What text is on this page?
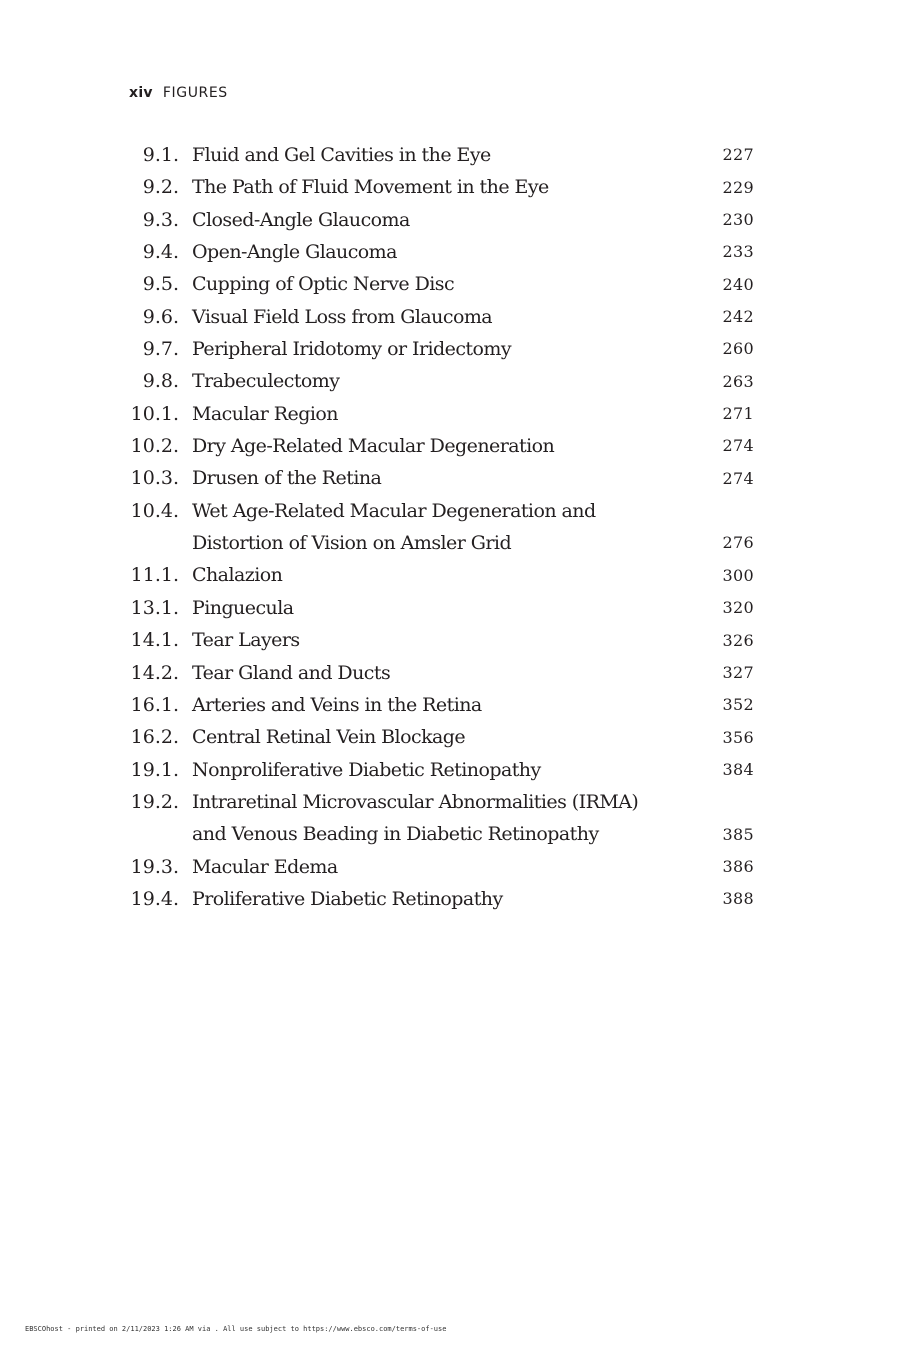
xiv FIGURES
9.1. Fluid and Gel Cavities in the Eye	227
9.2. The Path of Fluid Movement in the Eye	229
9.3. Closed-Angle Glaucoma	230
9.4. Open-Angle Glaucoma	233
9.5. Cupping of Optic Nerve Disc	240
9.6. Visual Field Loss from Glaucoma	242
9.7. Peripheral Iridotomy or Iridectomy	260
9.8. Trabeculectomy	263
10.1. Macular Region	271
10.2. Dry Age-Related Macular Degeneration	274
10.3. Drusen of the Retina	274
10.4. Wet Age-Related Macular Degeneration and
Distortion of Vision on Amsler Grid	276
11.1. Chalazion	300
13.1. Pinguecula	320
14.1. Tear Layers	326
14.2. Tear Gland and Ducts	327
16.1. Arteries and Veins in the Retina	352
16.2. Central Retinal Vein Blockage	356
19.1. Nonproliferative Diabetic Retinopathy	384
19.2. Intraretinal Microvascular Abnormalities (IRMA)
and Venous Beading in Diabetic Retinopathy	385
19.3. Macular Edema	386
19.4. Proliferative Diabetic Retinopathy	388
EBSCOhost - printed on 2/11/2023 1:26 AM via . All use subject to https://www.ebsco.com/terms-of-use
